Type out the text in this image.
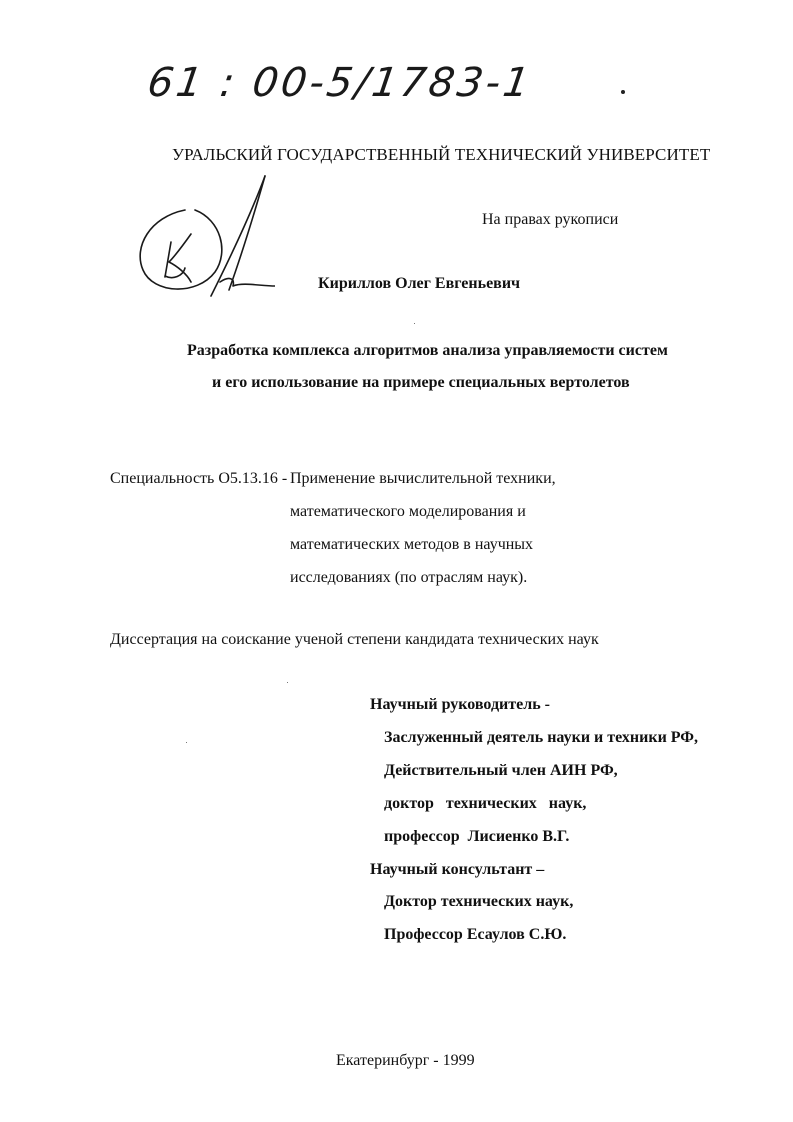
61 : 00-5/1783-1
УРАЛЬСКИЙ ГОСУДАРСТВЕННЫЙ ТЕХНИЧЕСКИЙ УНИВЕРСИТЕТ
На правах рукописи
Кириллов Олег Евгеньевич
Разработка комплекса алгоритмов анализа управляемости систем
и его использование на примере специальных вертолетов
Специальность О5.13.16 - Применение вычислительной техники,
математического моделирования и
математических методов в научных
исследованиях (по отраслям наук).
Диссертация на соискание ученой степени кандидата технических наук
Научный руководитель -
Заслуженный деятель науки и техники РФ,
Действительный член АИН РФ,
доктор   технических   наук,
профессор  Лисиенко В.Г.
Научный консультант –
Доктор технических наук,
Профессор Есаулов С.Ю.
Екатеринбург - 1999
